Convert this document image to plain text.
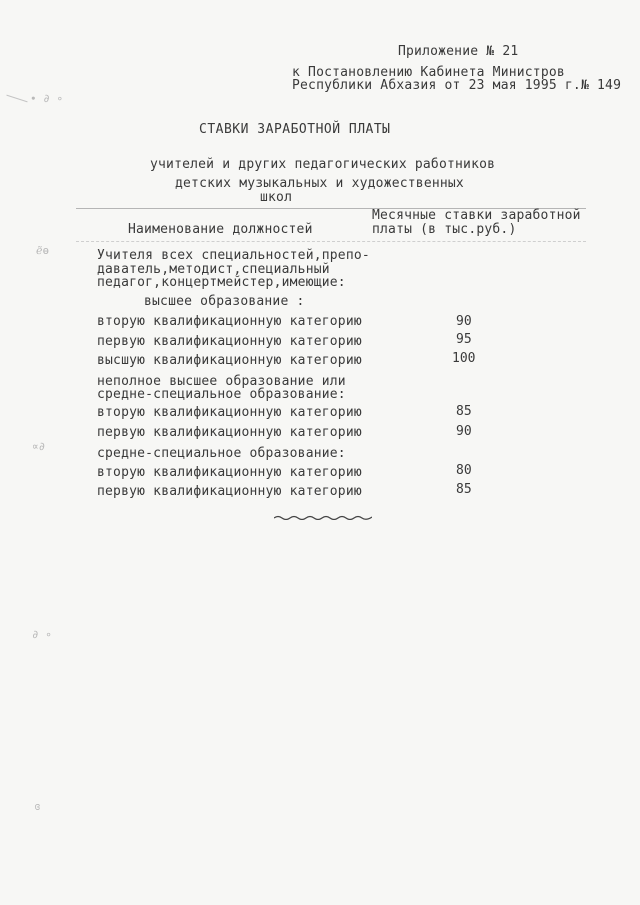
∙ ∂ ∘
ℯ̃ɵ
∝∂
∂ ∘
ɞ
Приложение № 21
к Постановлению Кабинета Министров
Республики Абхазия от 23 мая 1995 г.№ 149
СТАВКИ ЗАРАБОТНОЙ ПЛАТЫ
учителей и других педагогических работников
детских музыкальных и художественных
школ
Наименование должностей
Месячные ставки заработной
платы (в тыс.руб.)
Учителя всех специальностей,препо-
даватель,методист,специальный
педагог,концертмейстер,имеющие:
высшее образование :
вторую квалификационную категорию	90
первую квалификационную категорию	95
высшую квалификационную категорию	100
неполное высшее образование или
средне-специальное образование:
вторую квалификационную категорию	85
первую квалификационную категорию	90
средне-специальное образование:
вторую квалификационную категорию	80
первую квалификационную категорию	85
